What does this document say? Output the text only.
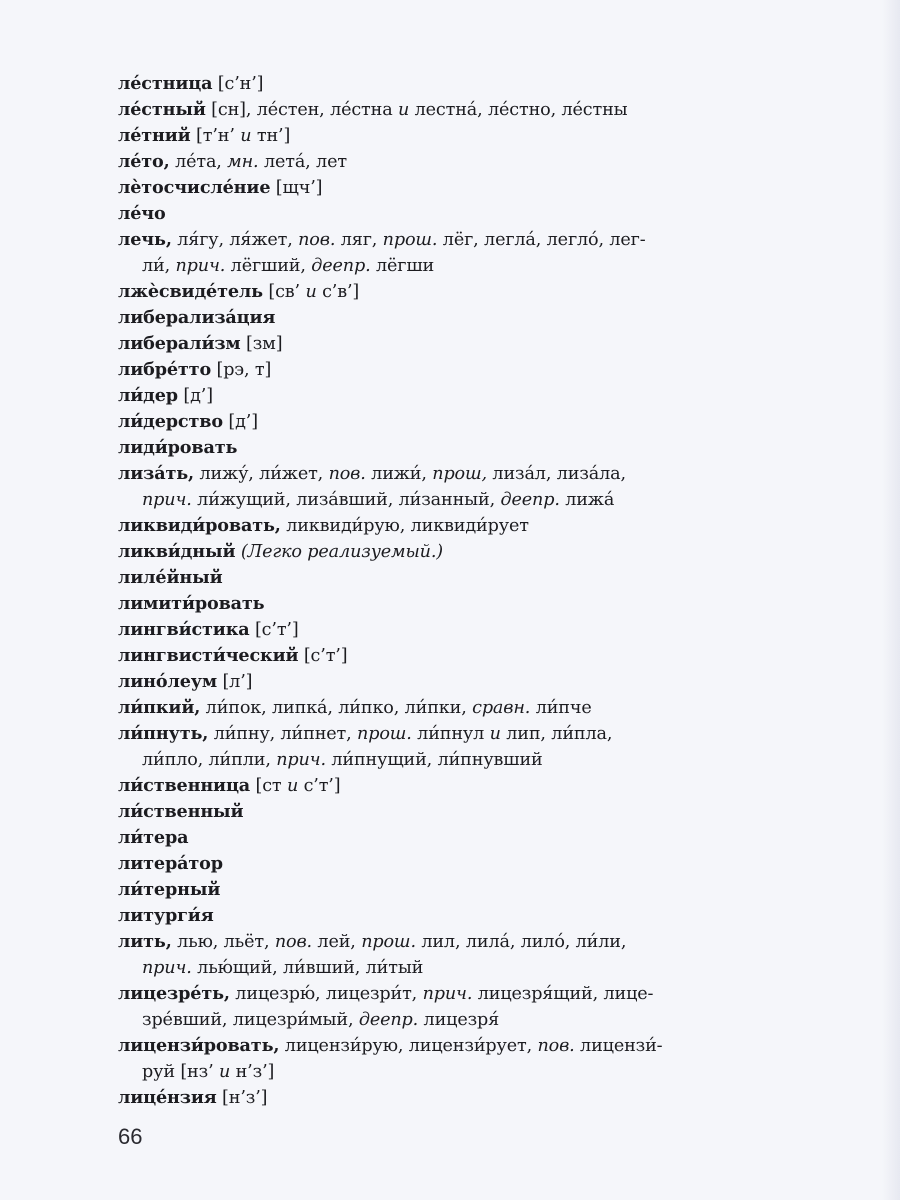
ле́стница [с’н’]
ле́стный [сн], ле́стен, ле́стна и лестна́, ле́стно, ле́стны
ле́тний [т’н’ и тн’]
ле́то, ле́та, мн. лета́, лет
лѐтосчисле́ние [щч’]
ле́чо
лечь, ля́гу, ля́жет, пов. ляг, прош. лёг, легла́, легло́, лег-
ли́, прич. лёгший, деепр. лёгши
лжѐсвиде́тель [св’ и с’в’]
либерализа́ция
либерали́зм [зм]
либре́тто [рэ, т]
ли́дер [д’]
ли́дерство [д’]
лиди́ровать
лиза́ть, лижу́, ли́жет, пов. лижи́, прош, лиза́л, лиза́ла,
прич. ли́жущий, лиза́вший, ли́занный, деепр. лижа́
ликвиди́ровать, ликвиди́рую, ликвиди́рует
ликви́дный (Легко реализуемый.)
лиле́йный
лимити́ровать
лингви́стика [с’т’]
лингвисти́ческий [с’т’]
лино́леум [л’]
ли́пкий, ли́пок, липка́, ли́пко, ли́пки, сравн. ли́пче
ли́пнуть, ли́пну, ли́пнет, прош. ли́пнул и лип, ли́пла,
ли́пло, ли́пли, прич. ли́пнущий, ли́пнувший
ли́ственница [ст и с’т’]
ли́ственный
ли́тера
литера́тор
ли́терный
литурги́я
лить, лью, льёт, пов. лей, прош. лил, лила́, лило́, ли́ли,
прич. лью́щий, ли́вший, ли́тый
лицезре́ть, лицезрю́, лицезри́т, прич. лицезря́щий, лице-
зре́вший, лицезри́мый, деепр. лицезря́
лицензи́ровать, лицензи́рую, лицензи́рует, пов. лицензи́-
руй [нз’ и н’з’]
лице́нзия [н’з’]
66
